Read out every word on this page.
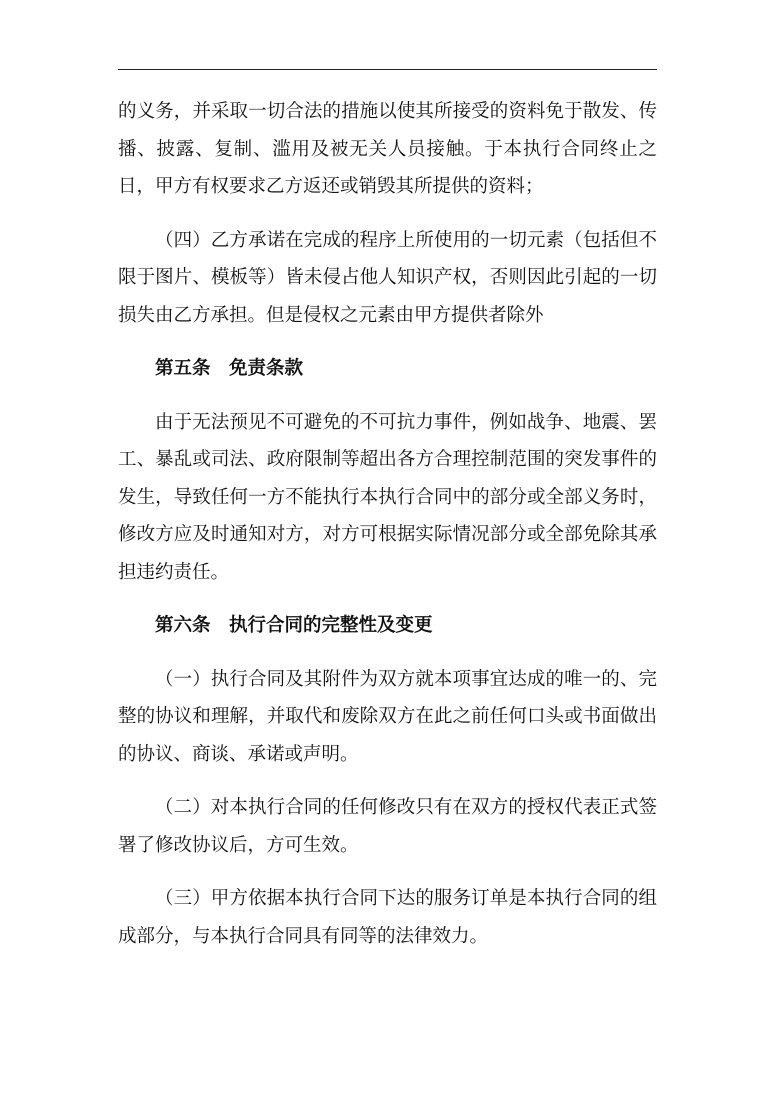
的义务，并采取一切合法的措施以使其所接受的资料免于散发、传播、披露、复制、滥用及被无关人员接触。于本执行合同终止之日，甲方有权要求乙方返还或销毁其所提供的资料；

（四）乙方承诺在完成的程序上所使用的一切元素（包括但不限于图片、模板等）皆未侵占他人知识产权，否则因此引起的一切损失由乙方承担。但是侵权之元素由甲方提供者除外

第五条　免责条款

由于无法预见不可避免的不可抗力事件，例如战争、地震、罢工、暴乱或司法、政府限制等超出各方合理控制范围的突发事件的发生，导致任何一方不能执行本执行合同中的部分或全部义务时，修改方应及时通知对方，对方可根据实际情况部分或全部免除其承担违约责任。

第六条　执行合同的完整性及变更

（一）执行合同及其附件为双方就本项事宜达成的唯一的、完整的协议和理解，并取代和废除双方在此之前任何口头或书面做出的协议、商谈、承诺或声明。

（二）对本执行合同的任何修改只有在双方的授权代表正式签署了修改协议后，方可生效。

（三）甲方依据本执行合同下达的服务订单是本执行合同的组成部分，与本执行合同具有同等的法律效力。
